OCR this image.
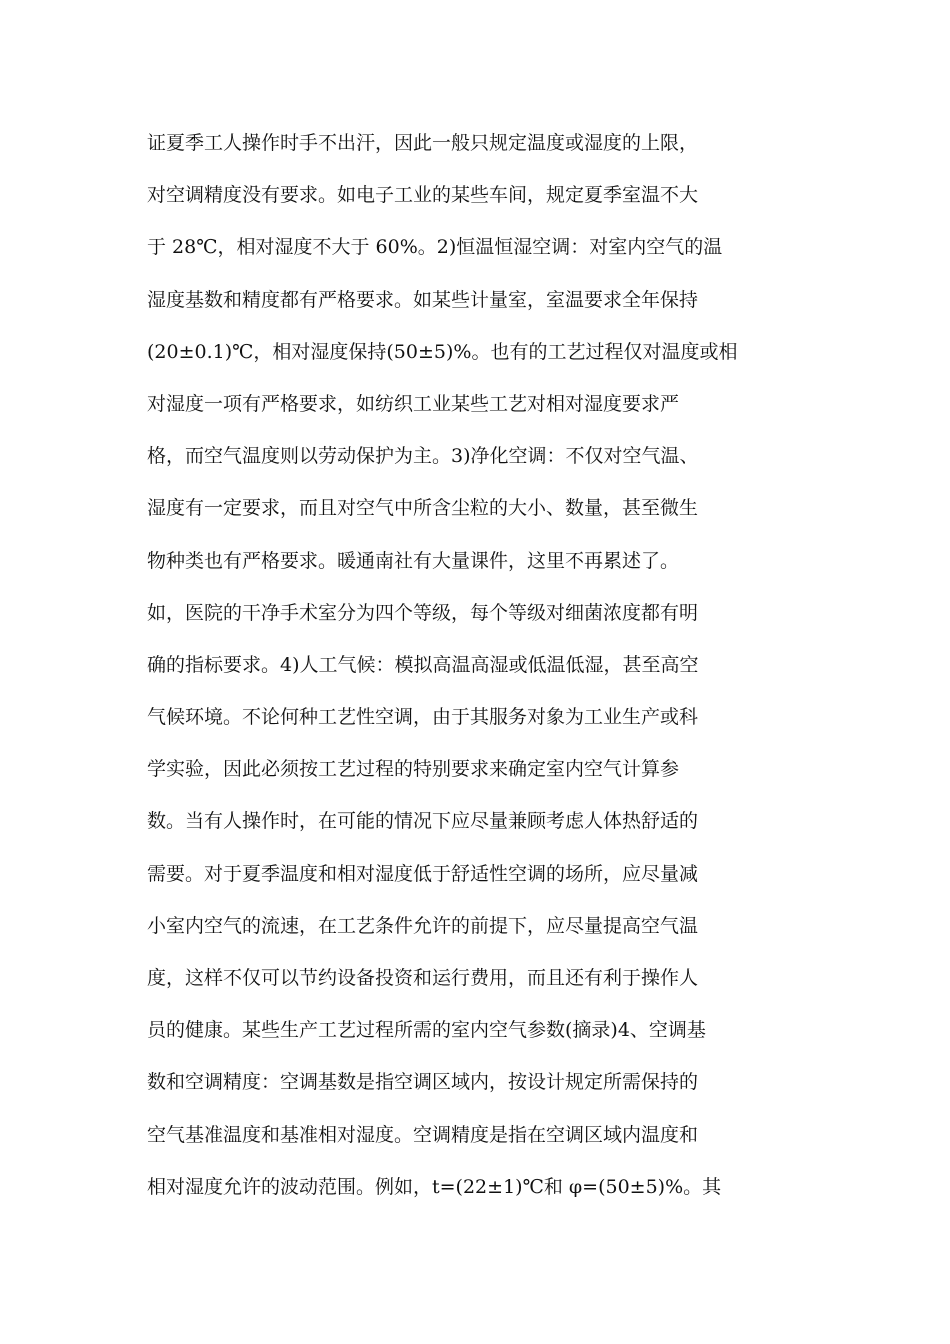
证夏季工人操作时手不出汗，因此一般只规定温度或湿度的上限，
对空调精度没有要求。如电子工业的某些车间，规定夏季室温不大
于 28℃，相对湿度不大于 60%。2)恒温恒湿空调：对室内空气的温
湿度基数和精度都有严格要求。如某些计量室，室温要求全年保持
(20±0.1)℃，相对湿度保持(50±5)%。也有的工艺过程仅对温度或相
对湿度一项有严格要求，如纺织工业某些工艺对相对湿度要求严
格，而空气温度则以劳动保护为主。3)净化空调：不仅对空气温、
湿度有一定要求，而且对空气中所含尘粒的大小、数量，甚至微生
物种类也有严格要求。暖通南社有大量课件，这里不再累述了。
如，医院的干净手术室分为四个等级，每个等级对细菌浓度都有明
确的指标要求。4)人工气候：模拟高温高湿或低温低湿，甚至高空
气候环境。不论何种工艺性空调，由于其服务对象为工业生产或科
学实验，因此必须按工艺过程的特别要求来确定室内空气计算参
数。当有人操作时，在可能的情况下应尽量兼顾考虑人体热舒适的
需要。对于夏季温度和相对湿度低于舒适性空调的场所，应尽量减
小室内空气的流速，在工艺条件允许的前提下，应尽量提高空气温
度，这样不仅可以节约设备投资和运行费用，而且还有利于操作人
员的健康。某些生产工艺过程所需的室内空气参数(摘录)4、空调基
数和空调精度：空调基数是指空调区域内，按设计规定所需保持的
空气基准温度和基准相对湿度。空调精度是指在空调区域内温度和
相对湿度允许的波动范围。例如，t=(22±1)℃和 φ=(50±5)%。其
